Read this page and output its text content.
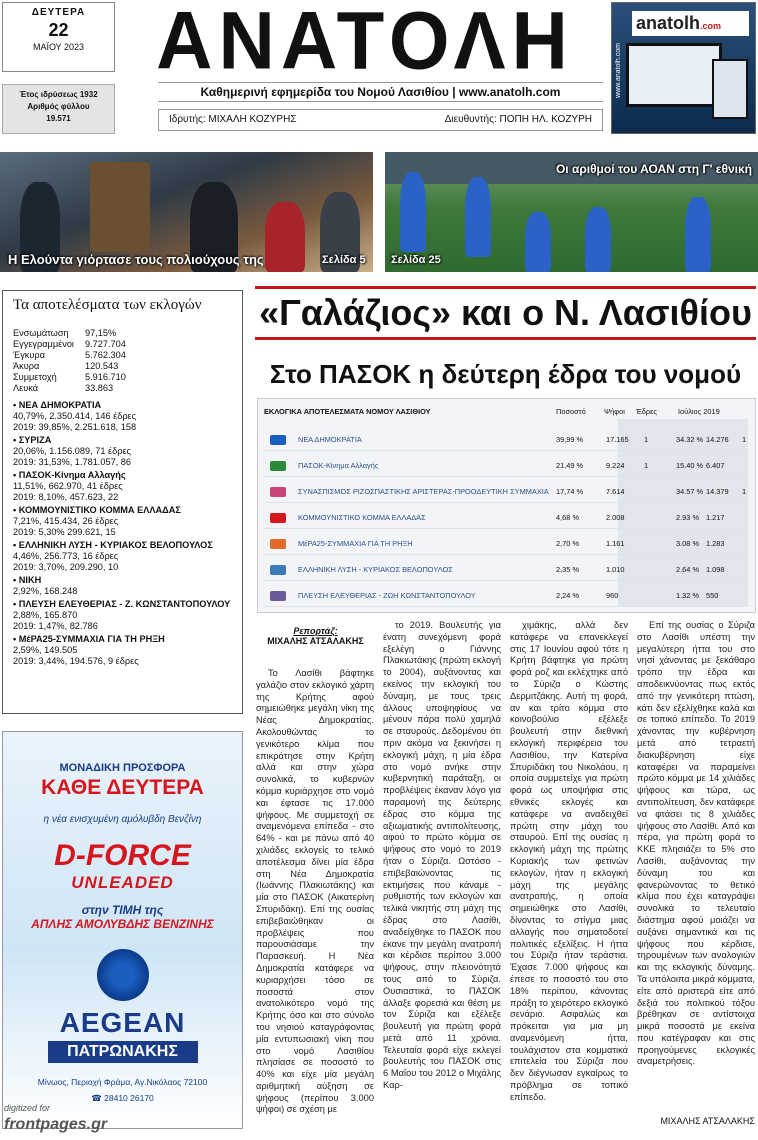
ΔΕΥΤΕΡΑ
22
ΜΑΪΟΥ 2023
Έτος ιδρύσεως 1932
Αριθμός φύλλου
19.571
ΑΝΑΤΟΛΗ
Καθημερινή εφημερίδα του Νομού Λασιθίου | www.anatolh.com
Ιδρυτής: ΜΙΧΑΛΗ ΚΟΖΥΡΗΣ	Διευθυντής: ΠΟΠΗ ΗΛ. ΚΟΖΥΡΗ
anatolh.com
www.anatolh.com
Η Ελούντα γιόρτασε τους πολιούχους της	Σελίδα 5
Οι αριθμοί του ΑΟΑΝ στη Γ' εθνική
Σελίδα 25
Τα αποτελέσματα των εκλογών
Ενσωμάτωση	97,15%
Εγγεγραμμένοι	9.727.704
Έγκυρα	5.762.304
Άκυρα	120.543
Συμμετοχή	5.916.710
Λευκά	33.863
• ΝΕΑ ΔΗΜΟΚΡΑΤΙΑ
40,79%, 2.350.414, 146 έδρες
2019: 39,85%, 2.251.618, 158
• ΣΥΡΙΖΑ
20,06%, 1.156.089, 71 έδρες
2019: 31,53%, 1.781.057, 86
• ΠΑΣΟΚ-Κίνημα Αλλαγής
11,51%, 662.970, 41 έδρες
2019: 8,10%, 457.623, 22
• ΚΟΜΜΟΥΝΙΣΤΙΚΟ ΚΟΜΜΑ ΕΛΛΑΔΑΣ
7,21%, 415.434, 26 έδρες
2019: 5,30% 299.621, 15
• ΕΛΛΗΝΙΚΗ ΛΥΣΗ - ΚΥΡΙΑΚΟΣ ΒΕΛΟΠΟΥΛΟΣ
4,46%, 256.773, 16 έδρες
2019: 3,70%, 209.290, 10
• ΝΙΚΗ
2,92%, 168.248
• ΠΛΕΥΣΗ ΕΛΕΥΘΕΡΙΑΣ - Ζ. ΚΩΝΣΤΑΝΤΟΠΟΥΛΟΥ
2,88%, 165.870
2019: 1,47%, 82.786
• ΜέΡΑ25-ΣΥΜΜΑΧΙΑ ΓΙΑ ΤΗ ΡΗΞΗ
2,59%, 149.505
2019: 3,44%, 194.576, 9 έδρες
ΜΟΝΑΔΙΚΗ ΠΡΟΣΦΟΡΑ
ΚΑΘΕ ΔΕΥΤΕΡΑ
η νέα ενισχυμένη αμόλυβδη Βενζίνη
D-FORCE
UNLEADED
στην ΤΙΜΗ της
ΑΠΛΗΣ ΑΜΟΛΥΒΔΗΣ ΒΕΝΖΙΝΗΣ
AEGEAN
ΠΑΤΡΩΝΑΚΗΣ
Μίνωος, Περιοχή Φράμα, Αγ.Νικόλαος 72100
☎ 28410 26170
digitized for
frontpages.gr
«Γαλάζιος» και ο Ν. Λασιθίου
Στο ΠΑΣΟΚ η δεύτερη έδρα του νομού
ΕΚΛΟΓΙΚΑ ΑΠΟΤΕΛΕΣΜΑΤΑ ΝΟΜΟΥ ΛΑΣΙΘΙΟΥ	Ποσοστό Ψήφοι Έδρες	Ιούλιος 2019
ΝΕΑ ΔΗΜΟΚΡΑΤΙΑ	39,99 %	17.165 1	34.32 % 14.276 1
ΠΑΣΟΚ-Κίνημα Αλλαγής	21,49 %	9.224	1	15.40 % 6.407
ΣΥΝΑΣΠΙΣΜΟΣ ΡΙΖΟΣΠΑΣΤΙΚΗΣ ΑΡΙΣΤΕΡΑΣ-ΠΡΟΟΔΕΥΤΙΚΗ ΣΥΜΜΑΧΙΑ 17,74 %	7.614	34.57 % 14.379 1
ΚΟΜΜΟΥΝΙΣΤΙΚΟ ΚΟΜΜΑ ΕΛΛΑΔΑΣ	4,68 %	2.008	2.93 % 1.217
ΜέΡΑ25-ΣΥΜΜΑΧΙΑ ΓΙΑ ΤΗ ΡΗΞΗ	2,70 %	1.161	3.08 % 1.283
ΕΛΛΗΝΙΚΗ ΛΥΣΗ - ΚΥΡΙΑΚΟΣ ΒΕΛΟΠΟΥΛΟΣ	2,35 %	1.010	2.64 % 1.098
ΠΛΕΥΣΗ ΕΛΕΥΘΕΡΙΑΣ - ΖΩΗ ΚΩΝΣΤΑΝΤΟΠΟΥΛΟΥ	2,24 %	960	1.32 % 550
Ρεπορτάζ:
ΜΙΧΑΛΗΣ ΑΤΣΑΛΑΚΗΣ

Το Λασίθι βάφτηκε γαλάζιο στον εκλογικό χάρτη της Κρήτης αφού σημειώθηκε μεγάλη νίκη της Νέας Δημοκρατίας. Ακολουθώντας το γενικότερο κλίμα που επικράτησε στην Κρήτη αλλά και στην χώρα συνολικά, το κυβερνών κόμμα κυριάρχησε στο νομό και έφτασε τις 17.000 ψήφους. Με συμμετοχή σε αναμενόμενα επίπεδα - στο 64% - και με πάνω από 40 χιλιάδες εκλογείς το τελικό αποτέλεσμα δίνει μία έδρα στη Νέα Δημοκρατία (Ιωάννης Πλακιωτάκης) και μία στο ΠΑΣΟΚ (Αικατερίνη Σπυριδάκη). Επί της ουσίας επιβεβαιώθηκαν οι προβλέψεις που παρουσιάσαμε την Παρασκευή. Η Νέα Δημοκρατία κατάφερε να κυριαρχήσει τόσο σε ποσοστά στον ανατολικότερο νομό της Κρήτης όσο και στο σύνολο του νησιού καταγράφοντας μία εντυπωσιακή νίκη που στο νομό Λασιθίου πλησίασε σε ποσοστό το 40% και είχε μία μεγάλη αριθμητική αύξηση σε ψήφους (περίπου 3.000 ψήφοι) σε σχέση με

το 2019. Βουλευτής για ένατη συνεχόμενη φορά εξελέγη ο Γιάννης Πλακιωτάκης (πρώτη εκλογή το 2004), αυξάνοντας και εκείνος την εκλογική του δύναμη, με τους τρεις άλλους υποψηφίους να μένουν πάρα πολύ χαμηλά σε σταυρούς. Δεδομένου ότι πριν ακόμα να ξεκινήσει η εκλογική μάχη, η μία έδρα στο νομό ανήκε στην κυβερνητική παράταξη, οι προβλέψεις έκαναν λόγο για παραμονή της δεύτερης έδρας στο κόμμα της αξιωματικής αντιπολίτευσης, αφού το πρώτο κόμμα σε ψήφους στο νομό το 2019 ήταν ο Σύριζα. Ωστόσο - επιβεβαιώνοντας τις εκτιμήσεις που κάναμε - ρυθμιστής των εκλογών και τελικά νικητής στη μάχη της έδρας στο Λασίθι, αναδείχθηκε το ΠΑΣΟΚ που έκανε την μεγάλη ανατροπή και κέρδισε περίπου 3.000 ψήφους, στην πλειονότητά τους από το Σύριζα. Ουσιαστικά, το ΠΑΣΟΚ άλλαξε φορεσιά και θέση με τον Σύριζα και εξέλεξε βουλευτή για πρώτη φορά μετά από 11 χρόνια. Τελευταία φορά είχε εκλεγεί βουλευτής του ΠΑΣΟΚ στις 6 Μαΐου του 2012 ο Μιχάλης Καρ-

χιμάκης, αλλά δεν κατάφερε να επανεκλεγεί στις 17 Ιουνίου αφού τότε η Κρήτη βάφτηκε για πρώτη φορά ροζ και εκλέχτηκε από το Σύριζα ο Κώστης Δερμιτζάκης. Αυτή τη φορά, αν και τρίτο κόμμα στο κοινοβούλιο εξέλεξε βουλευτή στην διεθνική εκλογική περιφέρεια του Λασιθίου, την Κατερίνα Σπυριδάκη του Νικολάου, η οποία συμμετείχε για πρώτη φορά ως υποψήφια στις εθνικές εκλογές και κατάφερε να αναδειχθεί πρώτη στην μάχη του σταυρού. Επί της ουσίας η εκλογική μάχη της πρώτης Κυριακής των φετινών εκλογών, ήταν η εκλογική μάχη της μεγάλης ανατροπής, η οποία σημειώθηκε στο Λασίθι, δίνοντας το στίγμα μιας αλλαγής που σηματοδοτεί πολιτικές εξελίξεις. Η ήττα του Σύριζα ήταν τεράστια. Έχασε 7.000 ψήφους και έπεσε το ποσοστό του στο 18% περίπου, κάνοντας πράξη το χειρότερο εκλογικό σενάριο. Ασφαλώς και πρόκειται για μια μη αναμενόμενη ήττα, τουλάχιστον στα κομματικά επιτελεία του Σύριζα που δεν διέγνωσαν εγκαίρως το πρόβλημα σε τοπικό επίπεδο.

Επί της ουσίας ο Σύριζα στο Λασίθι υπέστη την μεγαλύτερη ήττα του στο νησί χάνοντας με ξεκάθαρο τρόπο την έδρα και αποδεικνύοντας πως εκτός από την γενικότερη πτώση, κάτι δεν εξελίχθηκε καλά και σε τοπικό επίπεδο. Το 2019 χάνοντας την κυβέρνηση μετά από τετραετή διακυβέρνηση είχε καταφέρει να παραμείνει πρώτο κόμμα με 14 χιλιάδες ψήφους και τώρα, ως αντιπολίτευση, δεν κατάφερε να φτάσει τις 8 χιλιάδες ψήφους στο Λασίθι. Από και πέρα, για πρώτη φορά το ΚΚΕ πλησιάζει το 5% στο Λασίθι, αυξάνοντας την δύναμη του και φανερώνοντας το θετικό κλίμα που έχει καταγράψει συνολικά το τελευταίο διάστημα αφού μοιάζει να αυξάνει σημαντικά και τις ψήφους που κέρδισε, τηρουμένων των αναλογιών και της εκλογικής δύναμης. Τα υπόλοιπα μικρά κόμματα, είτε από αριστερά είτε από δεξιά του πολιτικού τόξου βρέθηκαν σε αντίστοιχα μικρά ποσοστά με εκείνα που κατέγραφαν και στις προηγούμενες εκλογικές αναμετρήσεις.

ΜΙΧΑΛΗΣ ΑΤΣΑΛΑΚΗΣ
